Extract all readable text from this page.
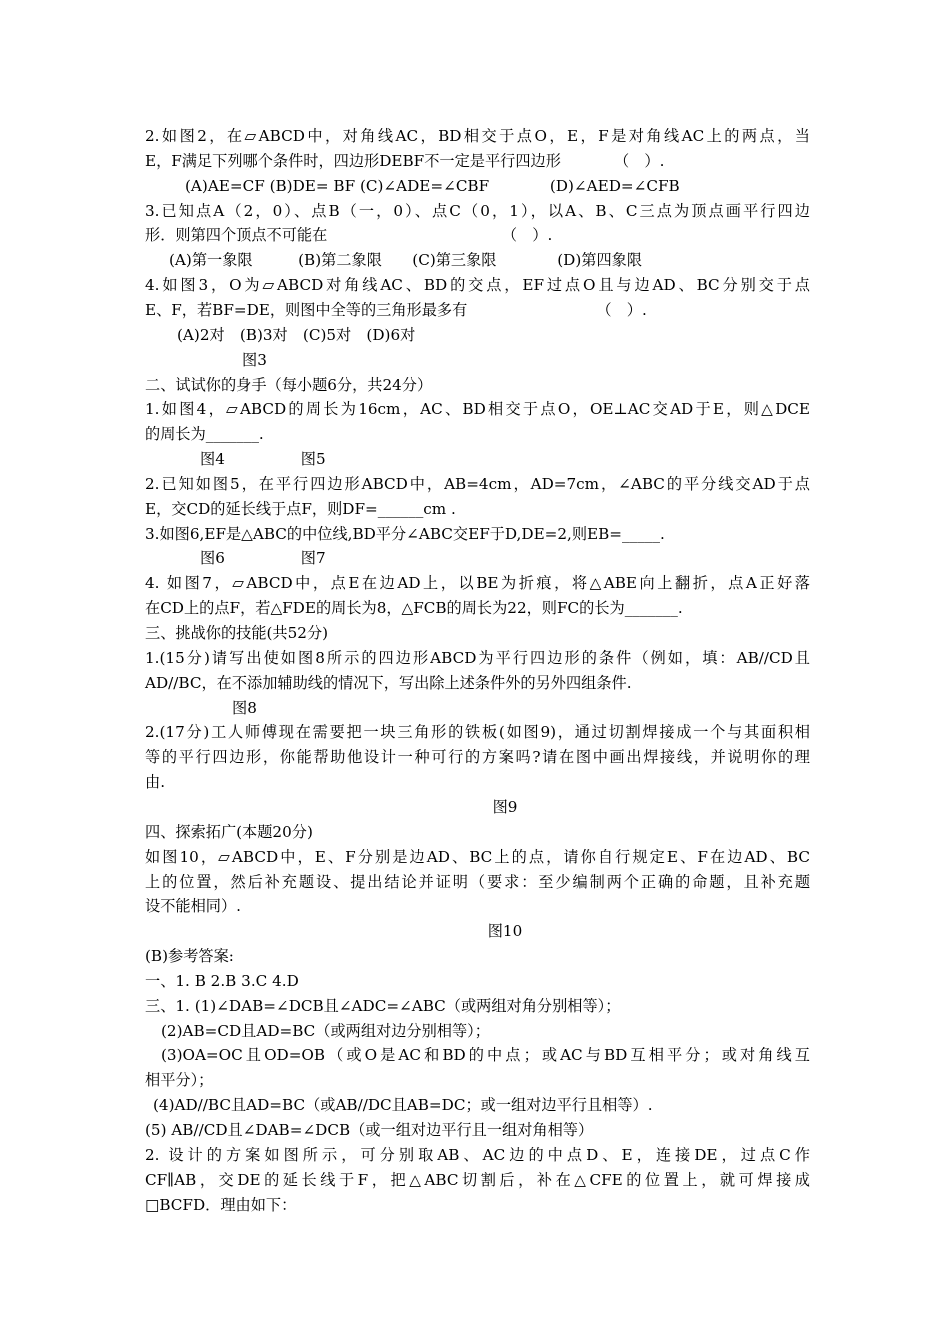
2.如图2，在▱ABCD中，对角线AC，BD相交于点O，E，F是对角线AC上的两点，当
E，F满足下列哪个条件时，四边形DEBF不一定是平行四边形　　　　（　）.
(A)AE=CF (B)DE= BF (C)∠ADE=∠CBF　　　　(D)∠AED=∠CFB
3.已知点A（2，0）、点B（一，0）、点C（0，1），以A、B、C三点为顶点画平行四边
形．则第四个顶点不可能在　　　　　　　　　　　　（　）.
(A)第一象限　　　(B)第二象限　　(C)第三象限　　　　(D)第四象限
4.如图3，O为▱ABCD对角线AC、BD的交点，EF过点O且与边AD、BC分别交于点
E、F，若BF=DE，则图中全等的三角形最多有　　　　　　　　　（　）.
(A)2对　(B)3对　(C)5对　(D)6对
图3
二、试试你的身手（每小题6分，共24分）
1.如图4，▱ABCD的周长为16cm，AC、BD相交于点O，OE⊥AC交AD于E，则△DCE
的周长为_______.
图4　　　　　图5
2.已知如图5，在平行四边形ABCD中，AB=4cm，AD=7cm，∠ABC的平分线交AD于点
E，交CD的延长线于点F，则DF=______cm .
3.如图6,EF是△ABC的中位线,BD平分∠ABC交EF于D,DE=2,则EB=_____.
图6　　　　　图7
4. 如图7，▱ABCD中，点E在边AD上，以BE为折痕，将△ABE向上翻折，点A正好落
在CD上的点F，若△FDE的周长为8，△FCB的周长为22，则FC的长为_______.
三、挑战你的技能(共52分)
1.(15分)请写出使如图8所示的四边形ABCD为平行四边形的条件（例如，填：AB//CD且
AD//BC，在不添加辅助线的情况下，写出除上述条件外的另外四组条件.
图8
2.(17分)工人师傅现在需要把一块三角形的铁板(如图9)，通过切割焊接成一个与其面积相
等的平行四边形，你能帮助他设计一种可行的方案吗?请在图中画出焊接线，并说明你的理
由.
图9
四、探索拓广(本题20分)
如图10，▱ABCD中，E、F分别是边AD、BC上的点，请你自行规定E、F在边AD、BC
上的位置，然后补充题设、提出结论并证明（要求：至少编制两个正确的命题，且补充题
设不能相同）.
图10
(B)参考答案:
一、1. B 2.B 3.C 4.D
三、1. (1)∠DAB=∠DCB且∠ADC=∠ABC（或两组对角分别相等）；
(2)AB=CD且AD=BC（或两组对边分别相等）；
(3)OA=OC且OD=OB（或O是AC和BD的中点；或AC与BD互相平分；或对角线互
相平分）；
(4)AD//BC且AD=BC（或AB//DC且AB=DC；或一组对边平行且相等）.
(5) AB//CD且∠DAB=∠DCB（或一组对边平行且一组对角相等）
2. 设计的方案如图所示，可分别取AB、AC边的中点D、E，连接DE，过点C作
CF∥AB，交DE的延长线于F，把△ABC切割后，补在△CFE的位置上，就可焊接成
□BCFD．理由如下：
